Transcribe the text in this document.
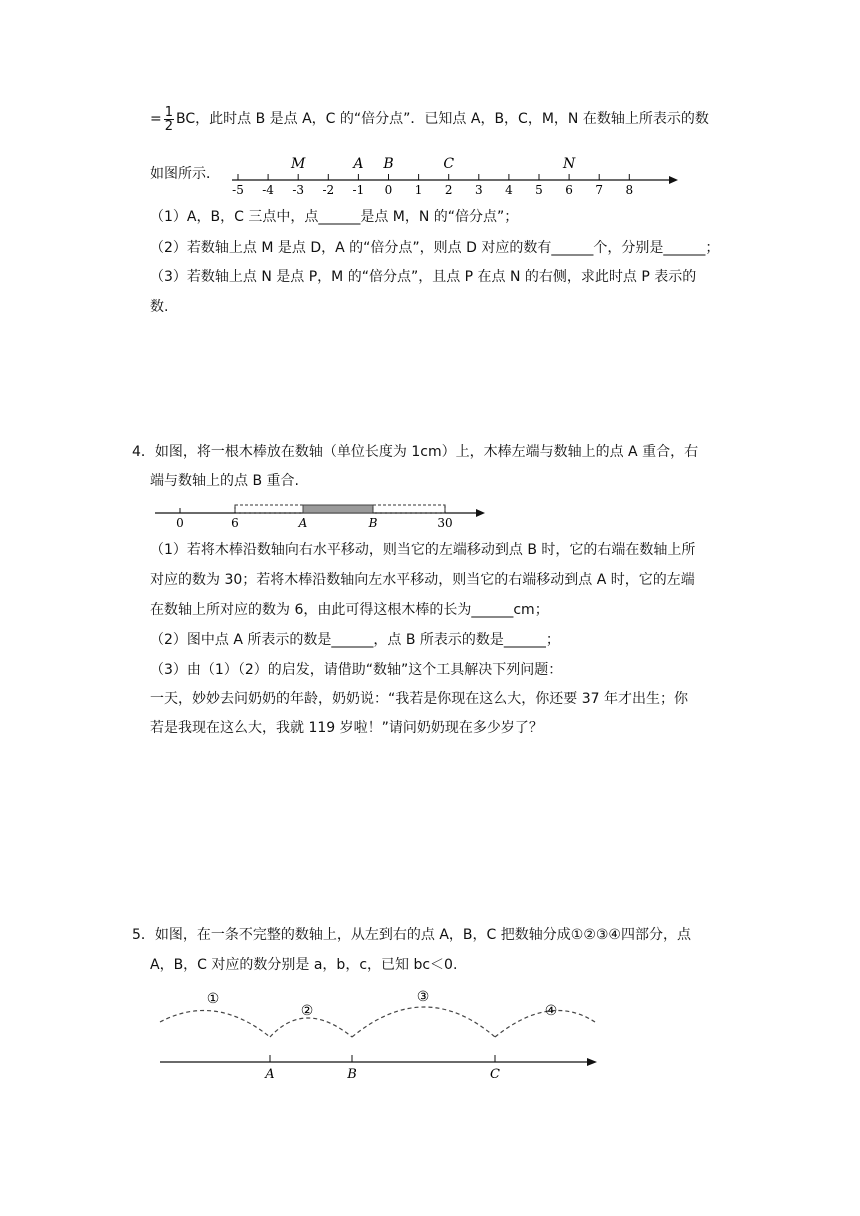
= $\frac{1}{2}$ BC，此时点 B 是点 A，C 的“倍分点”．已知点 A，B，C，M，N 在数轴上所表示的数
如图所示．
-5 -4 -3 -2 -1 0 1 2 3 4 5 6 7 8
M	A B	C	N
（1）A，B，C 三点中，点______是点 M，N 的“倍分点”；
（2）若数轴上点 M 是点 D，A 的“倍分点”，则点 D 对应的数有______个，分别是______；
（3）若数轴上点 N 是点 P，M 的“倍分点”，且点 P 在点 N 的右侧，求此时点 P 表示的
数.
4．如图，将一根木棒放在数轴（单位长度为 1cm）上，木棒左端与数轴上的点 A 重合，右
端与数轴上的点 B 重合.
0	6	A	B	30
（1）若将木棒沿数轴向右水平移动，则当它的左端移动到点 B 时，它的右端在数轴上所
对应的数为 30；若将木棒沿数轴向左水平移动，则当它的右端移动到点 A 时，它的左端
在数轴上所对应的数为 6，由此可得这根木棒的长为______cm；
（2）图中点 A 所表示的数是______，点 B 所表示的数是______；
（3）由（1）（2）的启发，请借助“数轴”这个工具解决下列问题：
一天，妙妙去问奶奶的年龄，奶奶说：“我若是你现在这么大，你还要 37 年才出生；你
若是我现在这么大，我就 119 岁啦！”请问奶奶现在多少岁了？
5．如图，在一条不完整的数轴上，从左到右的点 A，B，C 把数轴分成①②③④四部分，点
A，B，C 对应的数分别是 a，b，c，已知 bc＜0.
①
②
③
④
A	B	C
